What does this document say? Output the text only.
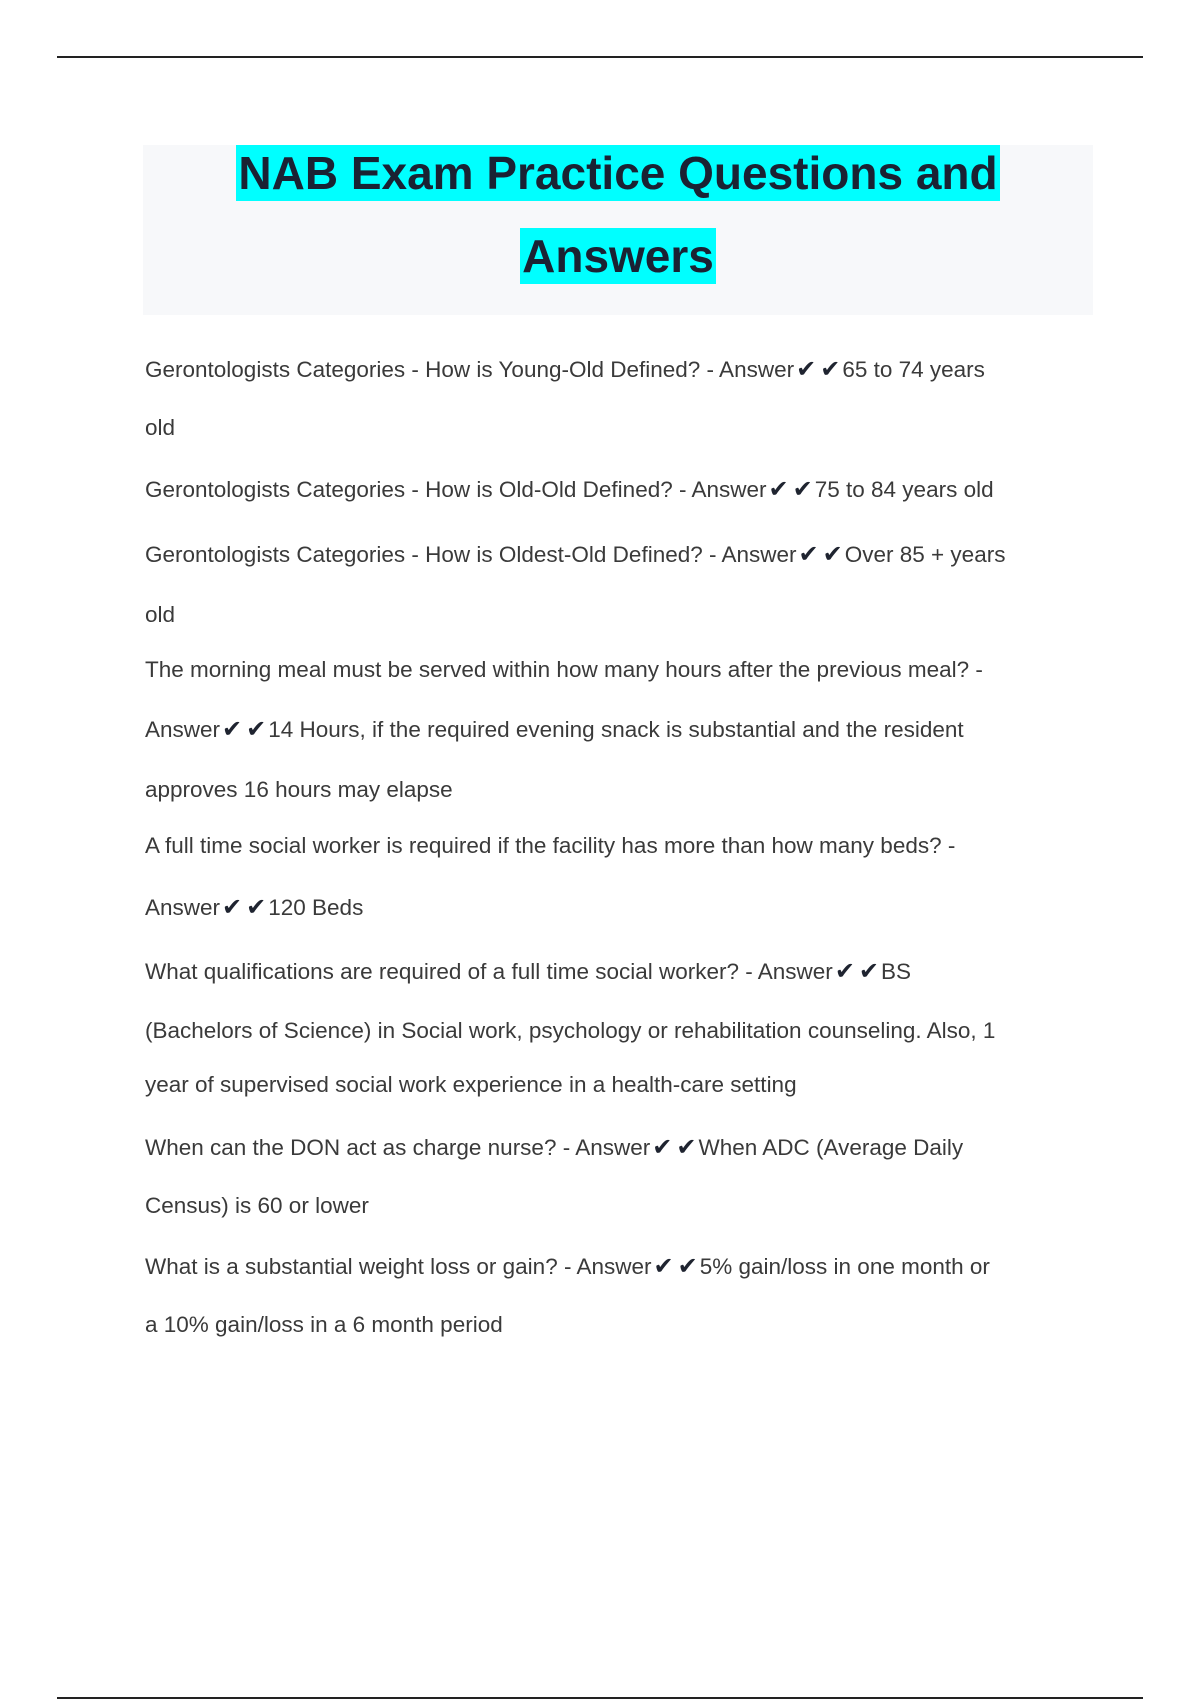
NAB Exam Practice Questions and
Answers
Gerontologists Categories - How is Young-Old Defined? - Answer✔ ✔65 to 74 years
old
Gerontologists Categories - How is Old-Old Defined? - Answer✔ ✔75 to 84 years old
Gerontologists Categories - How is Oldest-Old Defined? - Answer✔ ✔Over 85 + years
old
The morning meal must be served within how many hours after the previous meal? -
Answer✔ ✔14 Hours, if the required evening snack is substantial and the resident
approves 16 hours may elapse
A full time social worker is required if the facility has more than how many beds? -
Answer✔ ✔120 Beds
What qualifications are required of a full time social worker? - Answer✔ ✔BS
(Bachelors of Science) in Social work, psychology or rehabilitation counseling. Also, 1
year of supervised social work experience in a health-care setting
When can the DON act as charge nurse? - Answer✔ ✔When ADC (Average Daily
Census) is 60 or lower
What is a substantial weight loss or gain? - Answer✔ ✔5% gain/loss in one month or
a 10% gain/loss in a 6 month period
